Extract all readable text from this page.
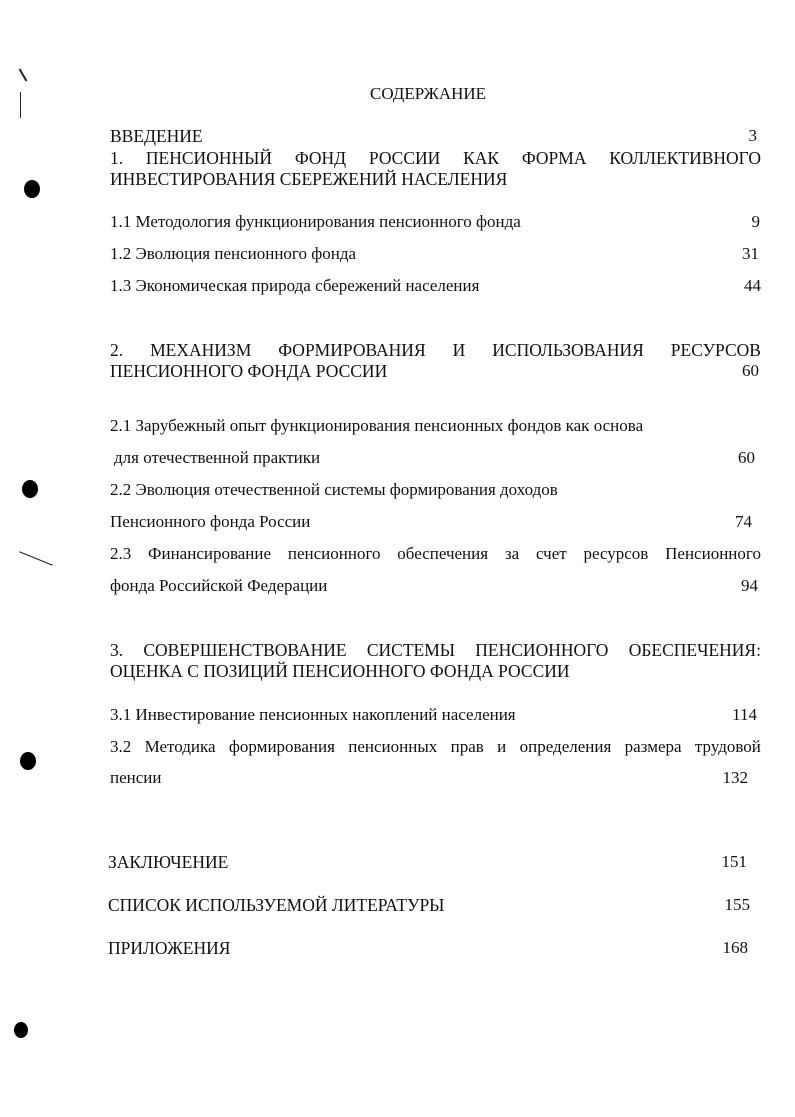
СОДЕРЖАНИЕ
ВВЕДЕНИЕ	3
1. ПЕНСИОННЫЙ ФОНД РОССИИ КАК ФОРМА КОЛЛЕКТИВНОГО
ИНВЕСТИРОВАНИЯ СБЕРЕЖЕНИЙ НАСЕЛЕНИЯ
1.1 Методология функционирования пенсионного фонда	9
1.2 Эволюция пенсионного фонда	31
1.3 Экономическая природа сбережений населения	44
2. МЕХАНИЗМ ФОРМИРОВАНИЯ И ИСПОЛЬЗОВАНИЯ РЕСУРСОВ
ПЕНСИОННОГО ФОНДА РОССИИ	60
2.1 Зарубежный опыт функционирования пенсионных фондов как основа
для отечественной практики	60
2.2 Эволюция отечественной системы формирования доходов
Пенсионного фонда России	74
2.3 Финансирование пенсионного обеспечения за счет ресурсов Пенсионного
фонда Российской Федерации	94
3. СОВЕРШЕНСТВОВАНИЕ СИСТЕМЫ ПЕНСИОННОГО ОБЕСПЕЧЕНИЯ:
ОЦЕНКА С ПОЗИЦИЙ ПЕНСИОННОГО ФОНДА РОССИИ
3.1 Инвестирование пенсионных накоплений населения	114
3.2 Методика формирования пенсионных прав и определения размера трудовой
пенсии	132
ЗАКЛЮЧЕНИЕ	151
СПИСОК ИСПОЛЬЗУЕМОЙ ЛИТЕРАТУРЫ	155
ПРИЛОЖЕНИЯ	168
